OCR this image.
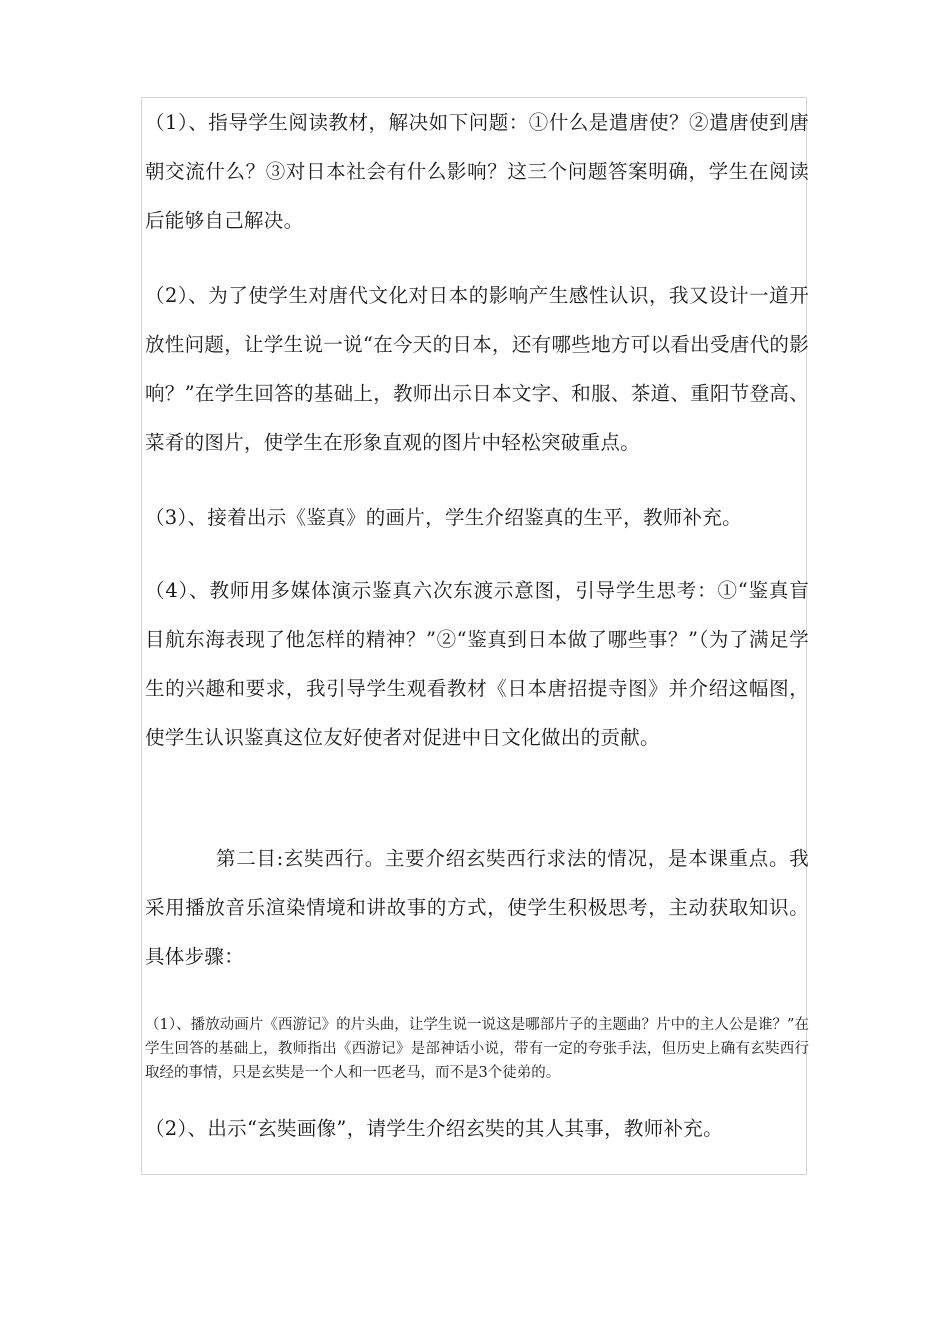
（1）、指导学生阅读教材，解决如下问题：①什么是遣唐使？②遣唐使到唐朝交流什么？③对日本社会有什么影响？这三个问题答案明确，学生在阅读后能够自己解决。

（2）、为了使学生对唐代文化对日本的影响产生感性认识，我又设计一道开放性问题，让学生说一说“在今天的日本，还有哪些地方可以看出受唐代的影响？”在学生回答的基础上，教师出示日本文字、和服、茶道、重阳节登高、菜肴的图片，使学生在形象直观的图片中轻松突破重点。

（3）、接着出示《鉴真》的画片，学生介绍鉴真的生平，教师补充。

（4）、教师用多媒体演示鉴真六次东渡示意图，引导学生思考：①“鉴真盲目航东海表现了他怎样的精神？”②“鉴真到日本做了哪些事？”（为了满足学生的兴趣和要求，我引导学生观看教材《日本唐招提寺图》并介绍这幅图，使学生认识鉴真这位友好使者对促进中日文化做出的贡献。

第二目:玄奘西行。主要介绍玄奘西行求法的情况，是本课重点。我采用播放音乐渲染情境和讲故事的方式，使学生积极思考，主动获取知识。具体步骤：

（1）、播放动画片《西游记》的片头曲，让学生说一说这是哪部片子的主题曲？片中的主人公是谁？”在学生回答的基础上，教师指出《西游记》是部神话小说，带有一定的夸张手法，但历史上确有玄奘西行取经的事情，只是玄奘是一个人和一匹老马，而不是3个徒弟的。

（2）、出示“玄奘画像”，请学生介绍玄奘的其人其事，教师补充。
